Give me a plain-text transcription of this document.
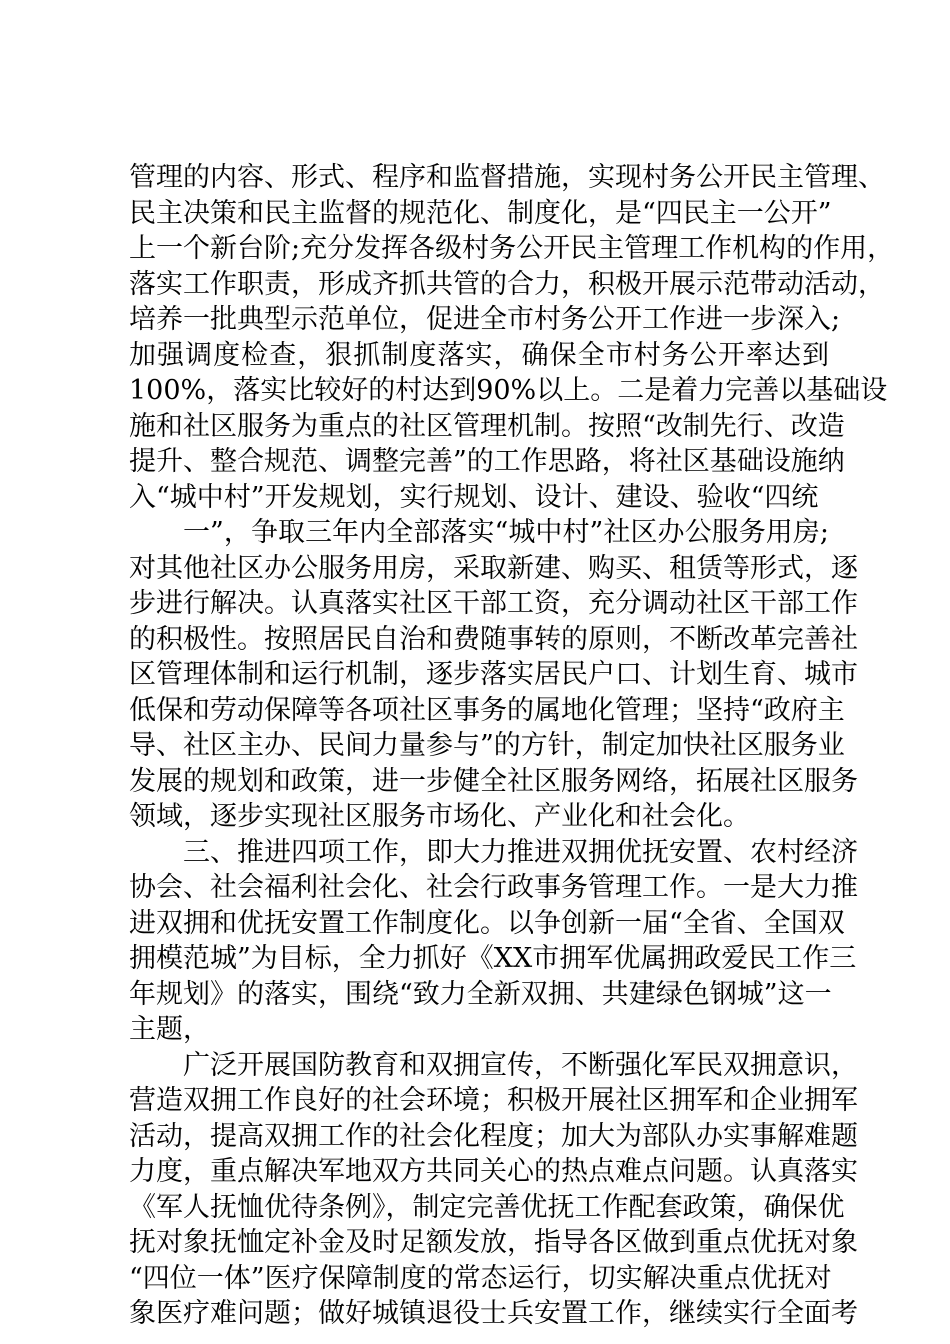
管理的内容、形式、程序和监督措施，实现村务公开民主管理、
民主决策和民主监督的规范化、制度化，是“四民主一公开”
上一个新台阶;充分发挥各级村务公开民主管理工作机构的作用，
落实工作职责，形成齐抓共管的合力，积极开展示范带动活动，
培养一批典型示范单位，促进全市村务公开工作进一步深入;
加强调度检查，狠抓制度落实，确保全市村务公开率达到
100%，落实比较好的村达到90%以上。二是着力完善以基础设
施和社区服务为重点的社区管理机制。按照“改制先行、改造
提升、整合规范、调整完善”的工作思路，将社区基础设施纳
入“城中村”开发规划，实行规划、设计、建设、验收“四统
一”，争取三年内全部落实“城中村”社区办公服务用房;
对其他社区办公服务用房，采取新建、购买、租赁等形式，逐
步进行解决。认真落实社区干部工资，充分调动社区干部工作
的积极性。按照居民自治和费随事转的原则，不断改革完善社
区管理体制和运行机制，逐步落实居民户口、计划生育、城市
低保和劳动保障等各项社区事务的属地化管理；坚持“政府主
导、社区主办、民间力量参与”的方针，制定加快社区服务业
发展的规划和政策，进一步健全社区服务网络，拓展社区服务
领域，逐步实现社区服务市场化、产业化和社会化。
三、推进四项工作，即大力推进双拥优抚安置、农村经济
协会、社会福利社会化、社会行政事务管理工作。一是大力推
进双拥和优抚安置工作制度化。以争创新一届“全省、全国双
拥模范城”为目标，全力抓好《XX市拥军优属拥政爱民工作三
年规划》的落实，围绕“致力全新双拥、共建绿色钢城”这一
主题，
广泛开展国防教育和双拥宣传，不断强化军民双拥意识，
营造双拥工作良好的社会环境；积极开展社区拥军和企业拥军
活动，提高双拥工作的社会化程度；加大为部队办实事解难题
力度，重点解决军地双方共同关心的热点难点问题。认真落实
《军人抚恤优待条例》，制定完善优抚工作配套政策，确保优
抚对象抚恤定补金及时足额发放，指导各区做到重点优抚对象
“四位一体”医疗保障制度的常态运行，切实解决重点优抚对
象医疗难问题；做好城镇退役士兵安置工作，继续实行全面考
